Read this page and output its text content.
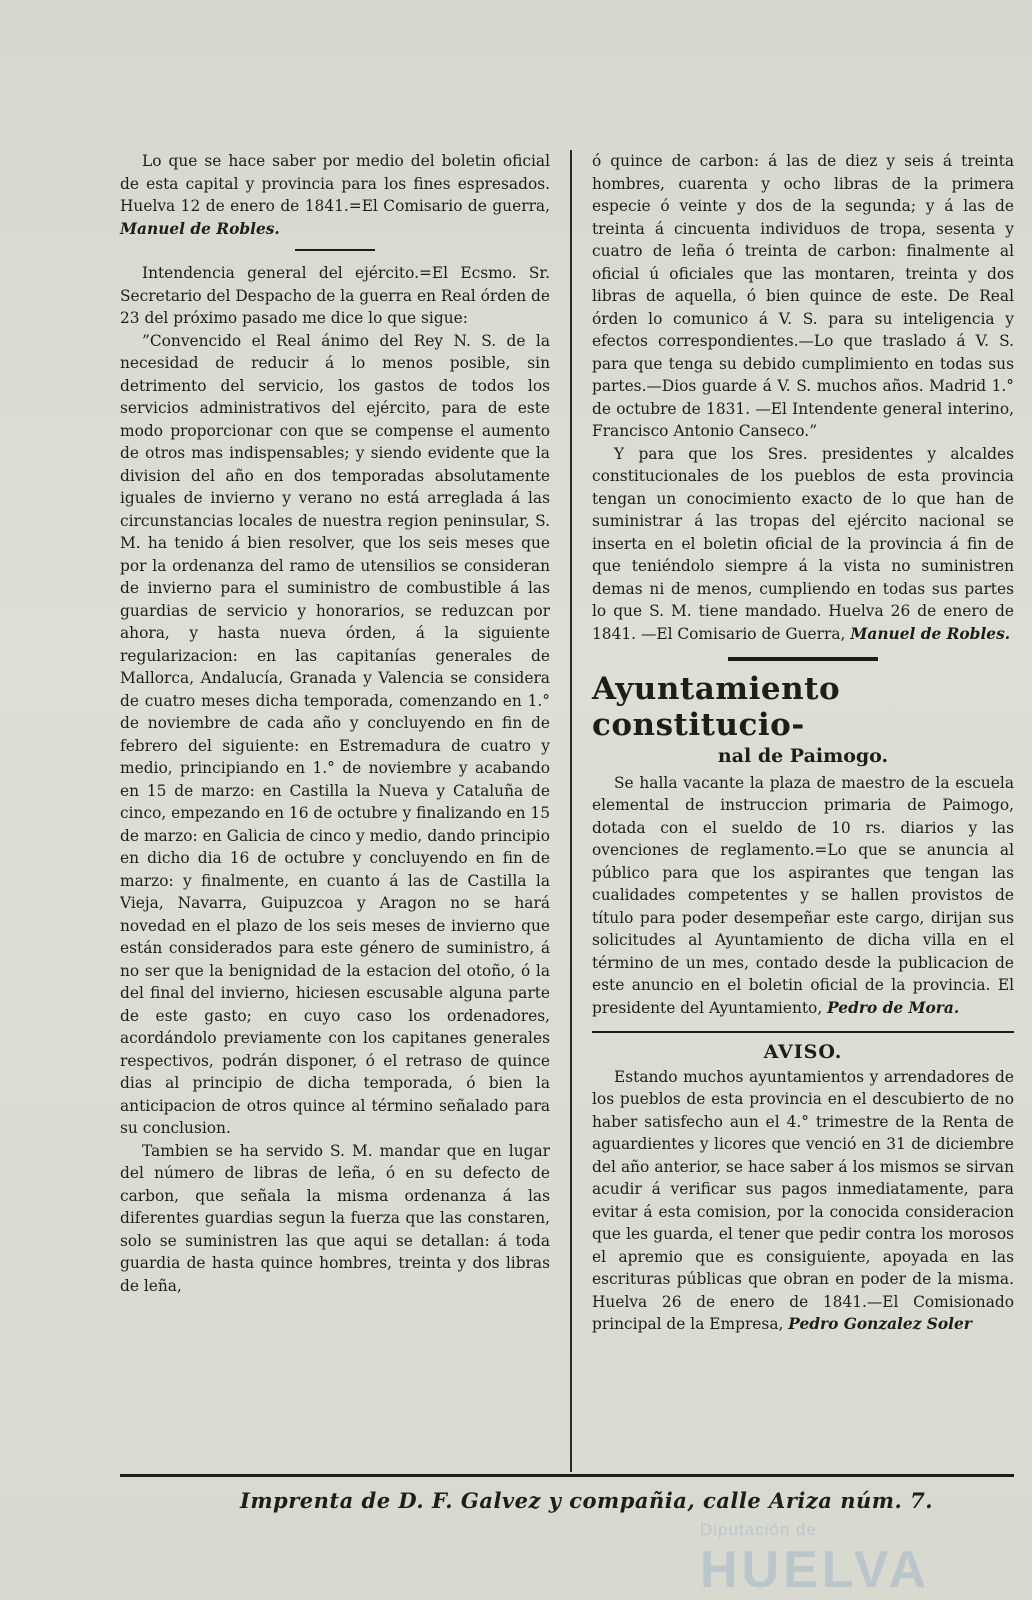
Lo que se hace saber por medio del boletin oficial de esta capital y provincia para los fines espresados. Huelva 12 de enero de 1841.=El Comisario de guerra, Manuel de Robles.

Intendencia general del ejército.=El Ecsmo. Sr. Secretario del Despacho de la guerra en Real órden de 23 del próximo pasado me dice lo que sigue:

”Convencido el Real ánimo del Rey N. S. de la necesidad de reducir á lo menos posible, sin detrimento del servicio, los gastos de todos los servicios administrativos del ejército, para de este modo proporcionar con que se compense el aumento de otros mas indispensables; y siendo evidente que la division del año en dos temporadas absolutamente iguales de invierno y verano no está arreglada á las circunstancias locales de nuestra region peninsular, S. M. ha tenido á bien resolver, que los seis meses que por la ordenanza del ramo de utensilios se consideran de invierno para el suministro de combustible á las guardias de servicio y honorarios, se reduzcan por ahora, y hasta nueva órden, á la siguiente regularizacion: en las capitanías generales de Mallorca, Andalucía, Granada y Valencia se considera de cuatro meses dicha temporada, comenzando en 1.° de noviembre de cada año y concluyendo en fin de febrero del siguiente: en Estremadura de cuatro y medio, principiando en 1.° de noviembre y acabando en 15 de marzo: en Castilla la Nueva y Cataluña de cinco, empezando en 16 de octubre y finalizando en 15 de marzo: en Galicia de cinco y medio, dando principio en dicho dia 16 de octubre y concluyendo en fin de marzo: y finalmente, en cuanto á las de Castilla la Vieja, Navarra, Guipuzcoa y Aragon no se hará novedad en el plazo de los seis meses de invierno que están considerados para este género de suministro, á no ser que la benignidad de la estacion del otoño, ó la del final del invierno, hiciesen escusable alguna parte de este gasto; en cuyo caso los ordenadores, acordándolo previamente con los capitanes generales respectivos, podrán disponer, ó el retraso de quince dias al principio de dicha temporada, ó bien la anticipacion de otros quince al término señalado para su conclusion.

Tambien se ha servido S. M. mandar que en lugar del número de libras de leña, ó en su defecto de carbon, que señala la misma ordenanza á las diferentes guardias segun la fuerza que las constaren, solo se suministren las que aqui se detallan: á toda guardia de hasta quince hombres, treinta y dos libras de leña,

ó quince de carbon: á las de diez y seis á treinta hombres, cuarenta y ocho libras de la primera especie ó veinte y dos de la segunda; y á las de treinta á cincuenta individuos de tropa, sesenta y cuatro de leña ó treinta de carbon: finalmente al oficial ú oficiales que las montaren, treinta y dos libras de aquella, ó bien quince de este. De Real órden lo comunico á V. S. para su inteligencia y efectos correspondientes.—Lo que traslado á V. S. para que tenga su debido cumplimiento en todas sus partes.—Dios guarde á V. S. muchos años. Madrid 1.° de octubre de 1831. —El Intendente general interino, Francisco Antonio Canseco.”

Y para que los Sres. presidentes y alcaldes constitucionales de los pueblos de esta provincia tengan un conocimiento exacto de lo que han de suministrar á las tropas del ejército nacional se inserta en el boletin oficial de la provincia á fin de que teniéndolo siempre á la vista no suministren demas ni de menos, cumpliendo en todas sus partes lo que S. M. tiene mandado. Huelva 26 de enero de 1841. —El Comisario de Guerra, Manuel de Robles.

Ayuntamiento constitucio-
nal de Paimogo.

Se halla vacante la plaza de maestro de la escuela elemental de instruccion primaria de Paimogo, dotada con el sueldo de 10 rs. diarios y las ovenciones de reglamento.=Lo que se anuncia al público para que los aspirantes que tengan las cualidades competentes y se hallen provistos de título para poder desempeñar este cargo, dirijan sus solicitudes al Ayuntamiento de dicha villa en el término de un mes, contado desde la publicacion de este anuncio en el boletin oficial de la provincia. El presidente del Ayuntamiento, Pedro de Mora.

AVISO.

Estando muchos ayuntamientos y arrendadores de los pueblos de esta provincia en el descubierto de no haber satisfecho aun el 4.° trimestre de la Renta de aguardientes y licores que venció en 31 de diciembre del año anterior, se hace saber á los mismos se sirvan acudir á verificar sus pagos inmediatamente, para evitar á esta comision, por la conocida consideracion que les guarda, el tener que pedir contra los morosos el apremio que es consiguiente, apoyada en las escrituras públicas que obran en poder de la misma. Huelva 26 de enero de 1841.—El Comisionado principal de la Empresa, Pedro Gonzalez Soler

Imprenta de D. F. Galvez y compañia, calle Ariza núm. 7.
Diputación de
HUELVA
